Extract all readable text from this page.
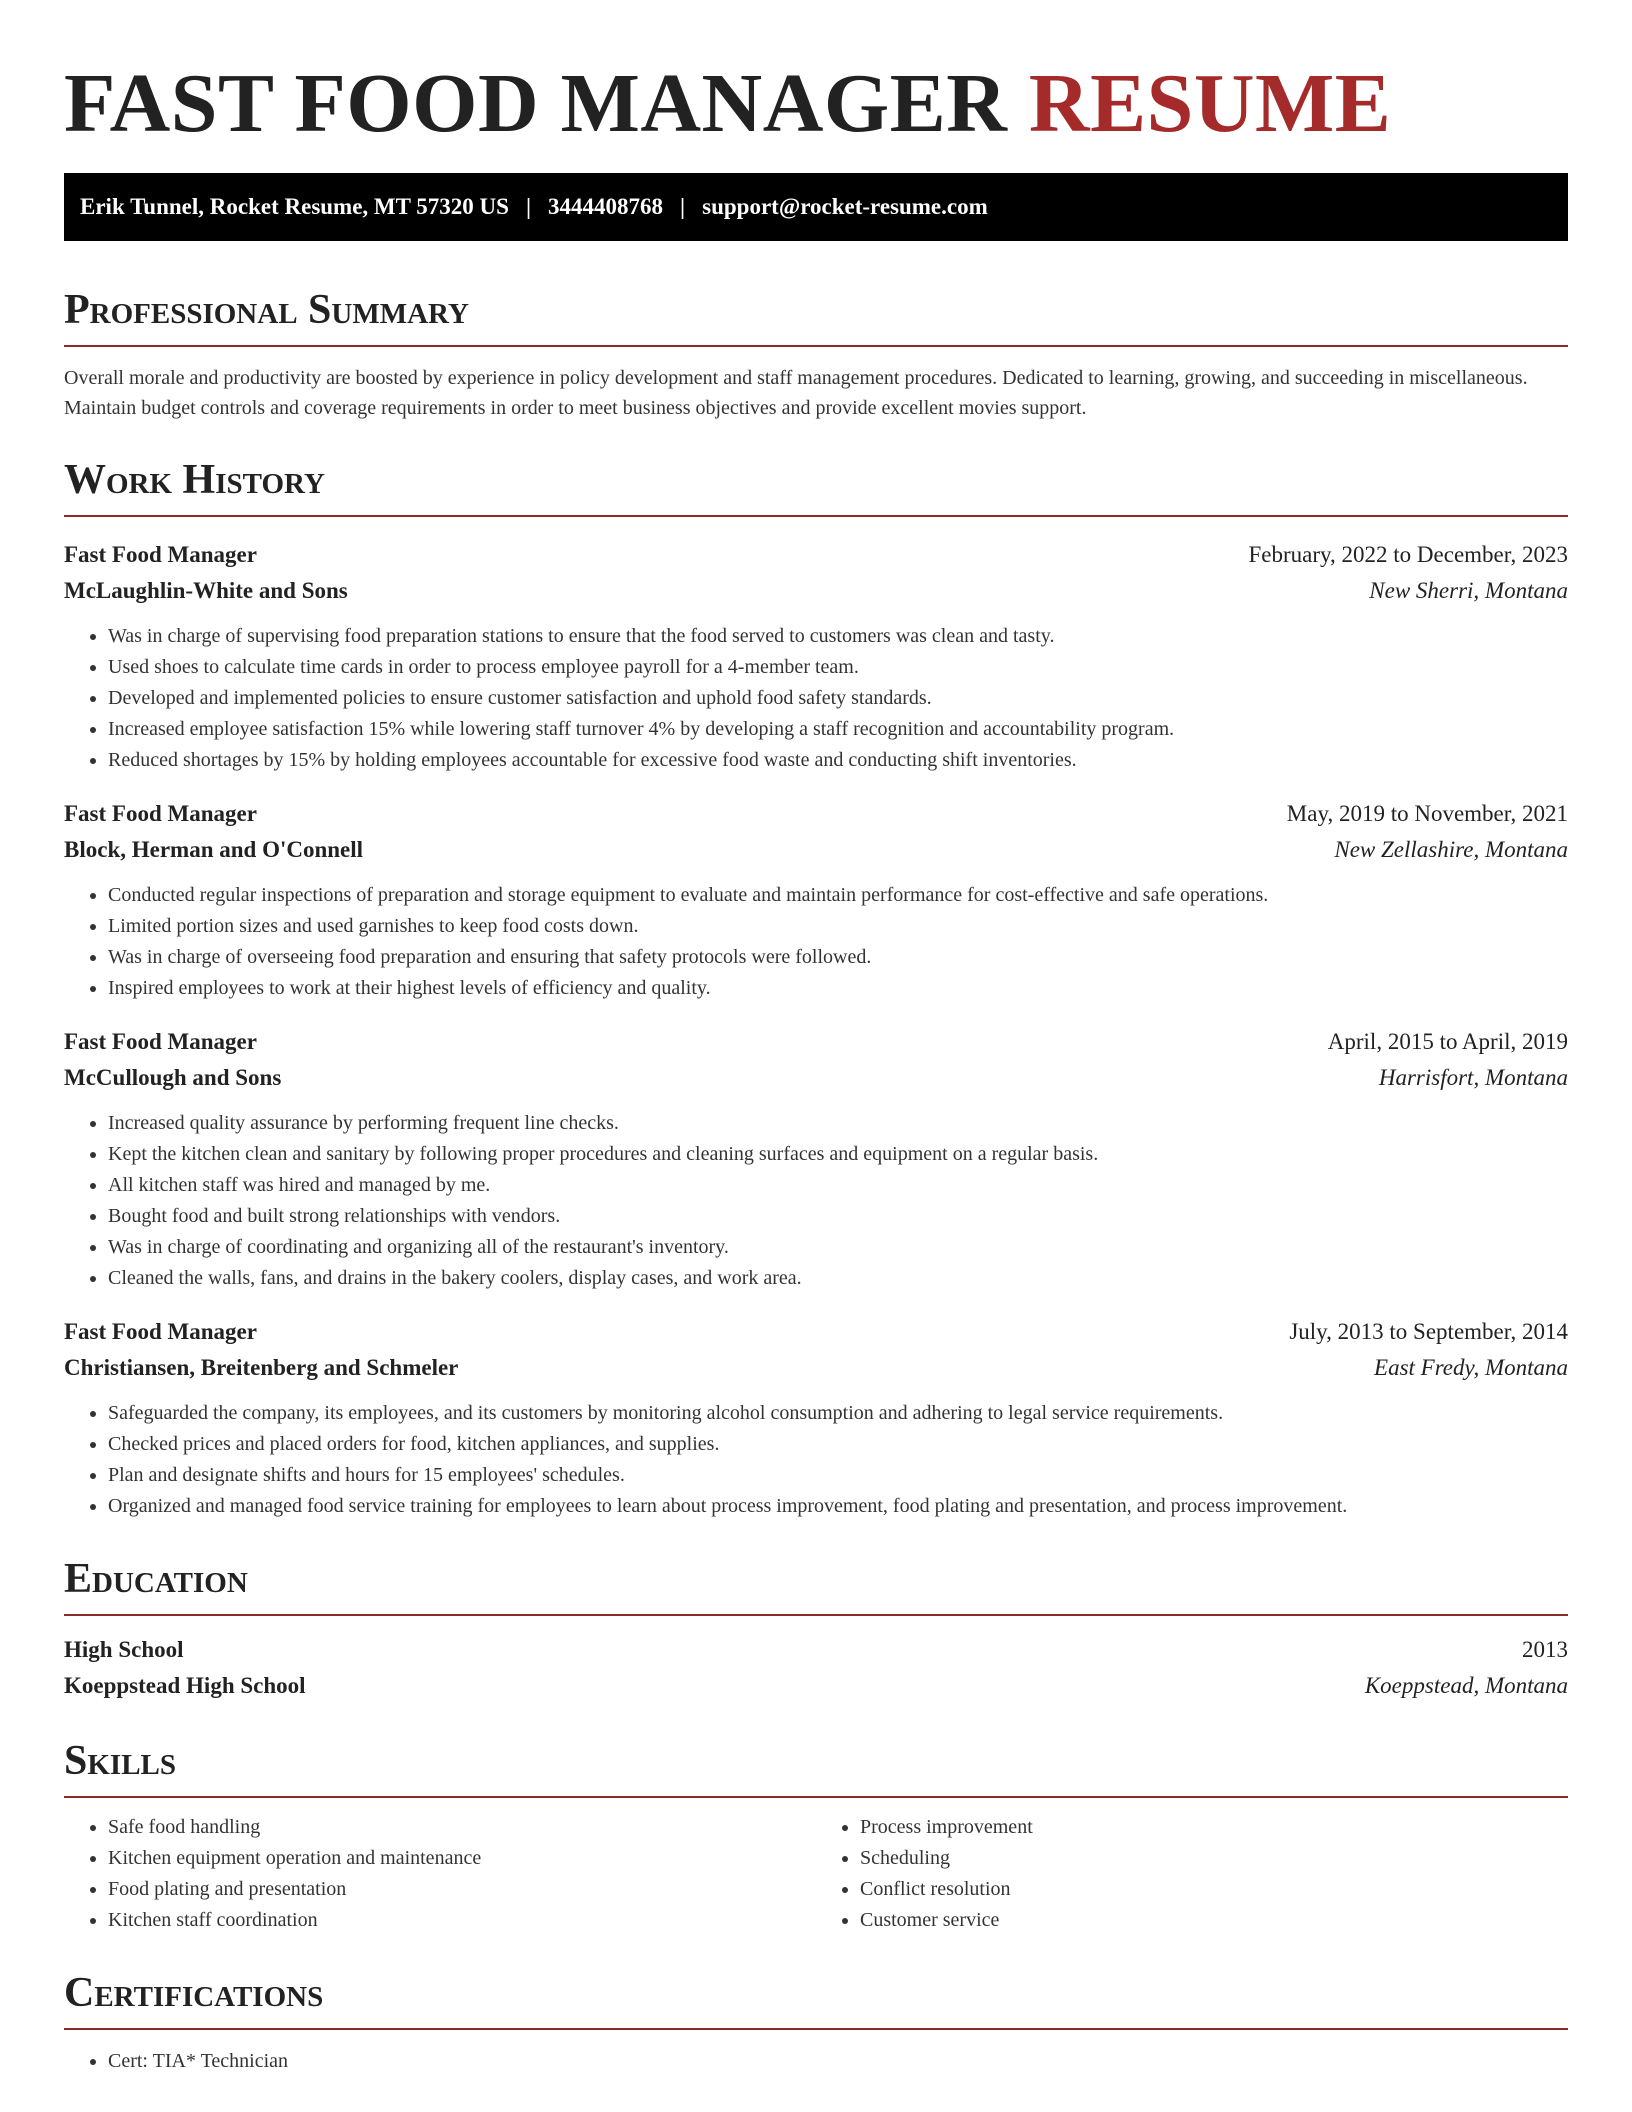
FAST FOOD MANAGER RESUME
Erik Tunnel, Rocket Resume, MT 57320 US | 3444408768 | support@rocket-resume.com
Professional Summary

Overall morale and productivity are boosted by experience in policy development and staff management procedures. Dedicated to learning, growing, and succeeding in miscellaneous. Maintain budget controls and coverage requirements in order to meet business objectives and provide excellent movies support.

Work History
Fast Food Manager	February, 2022 to December, 2023
McLaughlin-White and Sons	New Sherri, Montana
• Was in charge of supervising food preparation stations to ensure that the food served to customers was clean and tasty.
• Used shoes to calculate time cards in order to process employee payroll for a 4-member team.
• Developed and implemented policies to ensure customer satisfaction and uphold food safety standards.
• Increased employee satisfaction 15% while lowering staff turnover 4% by developing a staff recognition and accountability program.
• Reduced shortages by 15% by holding employees accountable for excessive food waste and conducting shift inventories.
Fast Food Manager	May, 2019 to November, 2021
Block, Herman and O'Connell	New Zellashire, Montana
• Conducted regular inspections of preparation and storage equipment to evaluate and maintain performance for cost-effective and safe operations.
• Limited portion sizes and used garnishes to keep food costs down.
• Was in charge of overseeing food preparation and ensuring that safety protocols were followed.
• Inspired employees to work at their highest levels of efficiency and quality.
Fast Food Manager	April, 2015 to April, 2019
McCullough and Sons	Harrisfort, Montana
• Increased quality assurance by performing frequent line checks.
• Kept the kitchen clean and sanitary by following proper procedures and cleaning surfaces and equipment on a regular basis.
• All kitchen staff was hired and managed by me.
• Bought food and built strong relationships with vendors.
• Was in charge of coordinating and organizing all of the restaurant's inventory.
• Cleaned the walls, fans, and drains in the bakery coolers, display cases, and work area.
Fast Food Manager	July, 2013 to September, 2014
Christiansen, Breitenberg and Schmeler	East Fredy, Montana
• Safeguarded the company, its employees, and its customers by monitoring alcohol consumption and adhering to legal service requirements.
• Checked prices and placed orders for food, kitchen appliances, and supplies.
• Plan and designate shifts and hours for 15 employees' schedules.
• Organized and managed food service training for employees to learn about process improvement, food plating and presentation, and process improvement.
Education
High School	2013
Koeppstead High School	Koeppstead, Montana
Skills
• Safe food handling
• Kitchen equipment operation and maintenance
• Food plating and presentation
• Kitchen staff coordination
• Process improvement
• Scheduling
• Conflict resolution
• Customer service
Certifications
• Cert: TIA* Technician
